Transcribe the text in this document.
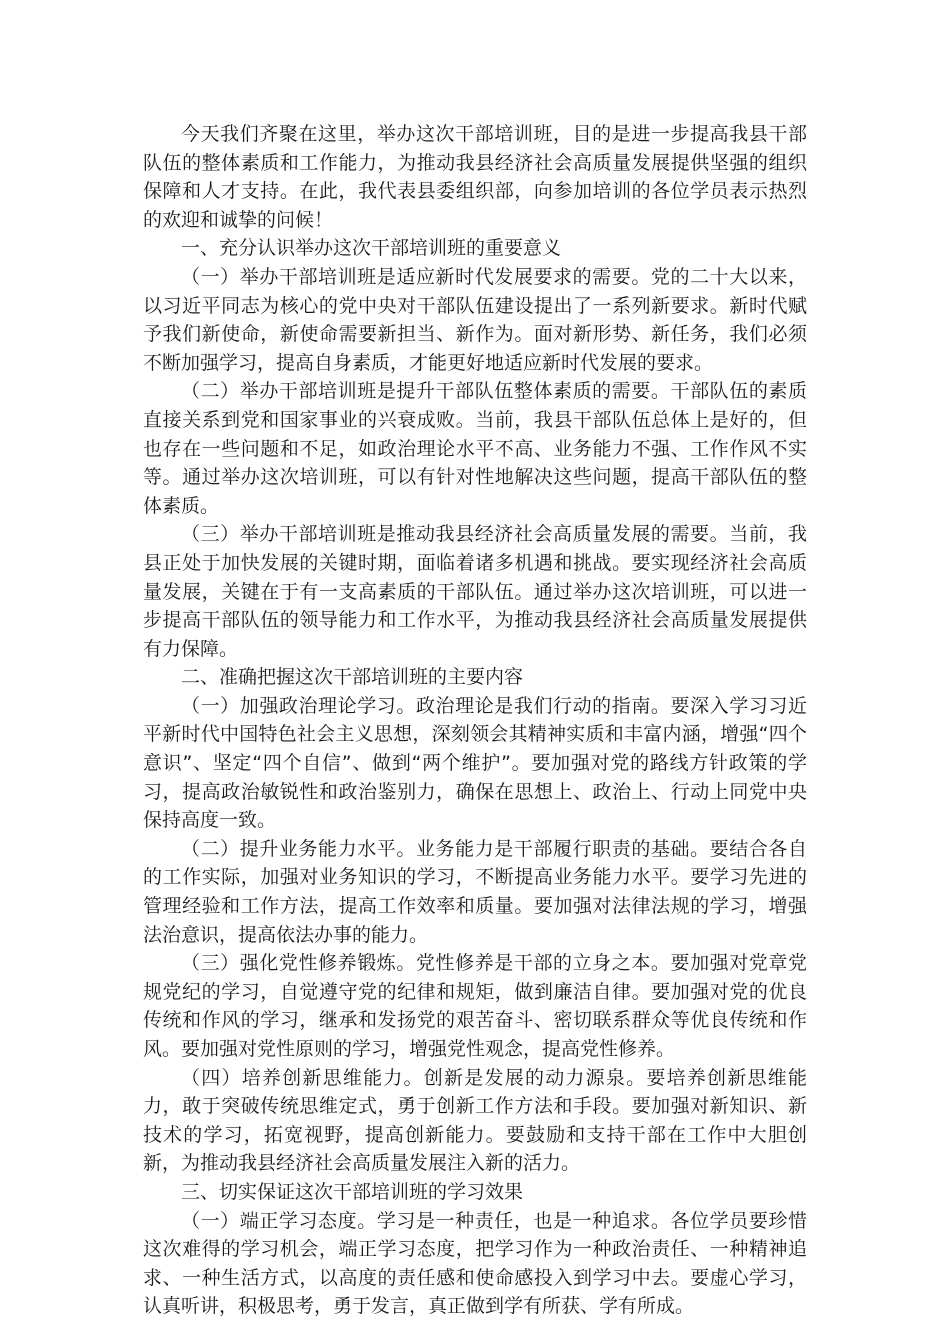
今天我们齐聚在这里，举办这次干部培训班，目的是进一步提高我县干部队伍的整体素质和工作能力，为推动我县经济社会高质量发展提供坚强的组织保障和人才支持。在此，我代表县委组织部，向参加培训的各位学员表示热烈的欢迎和诚挚的问候！

一、充分认识举办这次干部培训班的重要意义

（一）举办干部培训班是适应新时代发展要求的需要。党的二十大以来，以习近平同志为核心的党中央对干部队伍建设提出了一系列新要求。新时代赋予我们新使命，新使命需要新担当、新作为。面对新形势、新任务，我们必须不断加强学习，提高自身素质，才能更好地适应新时代发展的要求。

（二）举办干部培训班是提升干部队伍整体素质的需要。干部队伍的素质直接关系到党和国家事业的兴衰成败。当前，我县干部队伍总体上是好的，但也存在一些问题和不足，如政治理论水平不高、业务能力不强、工作作风不实等。通过举办这次培训班，可以有针对性地解决这些问题，提高干部队伍的整体素质。

（三）举办干部培训班是推动我县经济社会高质量发展的需要。当前，我县正处于加快发展的关键时期，面临着诸多机遇和挑战。要实现经济社会高质量发展，关键在于有一支高素质的干部队伍。通过举办这次培训班，可以进一步提高干部队伍的领导能力和工作水平，为推动我县经济社会高质量发展提供有力保障。

二、准确把握这次干部培训班的主要内容

（一）加强政治理论学习。政治理论是我们行动的指南。要深入学习习近平新时代中国特色社会主义思想，深刻领会其精神实质和丰富内涵，增强“四个意识”、坚定“四个自信”、做到“两个维护”。要加强对党的路线方针政策的学习，提高政治敏锐性和政治鉴别力，确保在思想上、政治上、行动上同党中央保持高度一致。

（二）提升业务能力水平。业务能力是干部履行职责的基础。要结合各自的工作实际，加强对业务知识的学习，不断提高业务能力水平。要学习先进的管理经验和工作方法，提高工作效率和质量。要加强对法律法规的学习，增强法治意识，提高依法办事的能力。

（三）强化党性修养锻炼。党性修养是干部的立身之本。要加强对党章党规党纪的学习，自觉遵守党的纪律和规矩，做到廉洁自律。要加强对党的优良传统和作风的学习，继承和发扬党的艰苦奋斗、密切联系群众等优良传统和作风。要加强对党性原则的学习，增强党性观念，提高党性修养。

（四）培养创新思维能力。创新是发展的动力源泉。要培养创新思维能力，敢于突破传统思维定式，勇于创新工作方法和手段。要加强对新知识、新技术的学习，拓宽视野，提高创新能力。要鼓励和支持干部在工作中大胆创新，为推动我县经济社会高质量发展注入新的活力。

三、切实保证这次干部培训班的学习效果

（一）端正学习态度。学习是一种责任，也是一种追求。各位学员要珍惜这次难得的学习机会，端正学习态度，把学习作为一种政治责任、一种精神追求、一种生活方式，以高度的责任感和使命感投入到学习中去。要虚心学习，认真听讲，积极思考，勇于发言，真正做到学有所获、学有所成。
